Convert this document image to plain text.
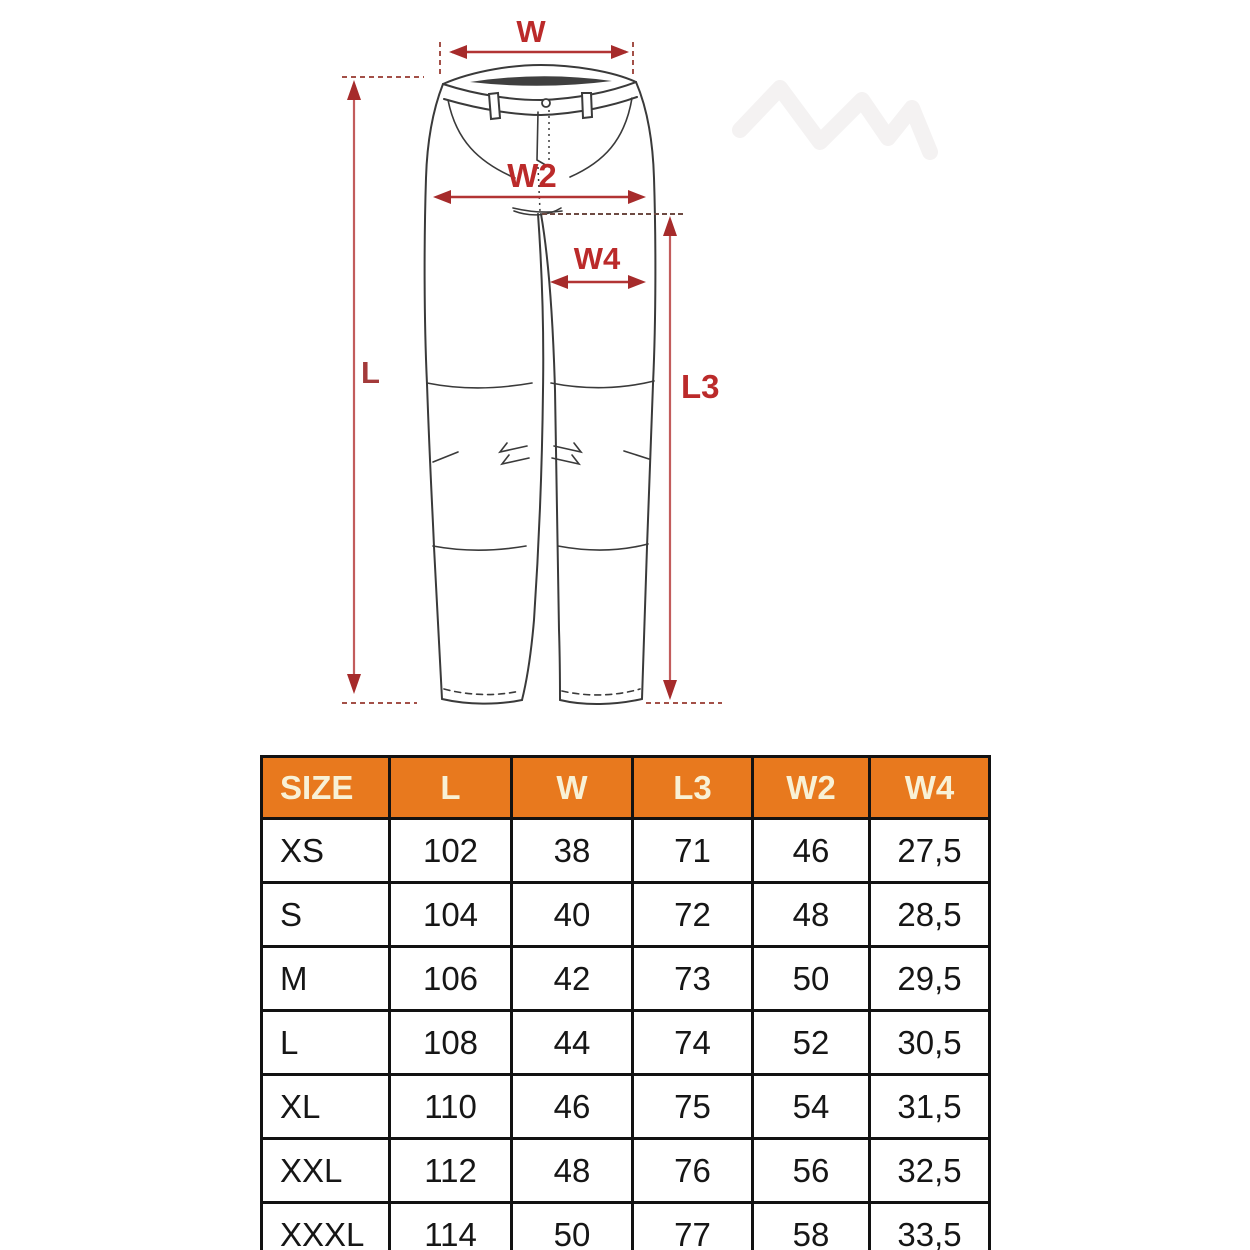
W
L
W2
L3
W4
SIZE	L	W	L3	W2	W4
XS	102	38	71	46	27,5
S	104	40	72	48	28,5
M	106	42	73	50	29,5
L	108	44	74	52	30,5
XL	110	46	75	54	31,5
XXL	112	48	76	56	32,5
XXXL	114	50	77	58	33,5
